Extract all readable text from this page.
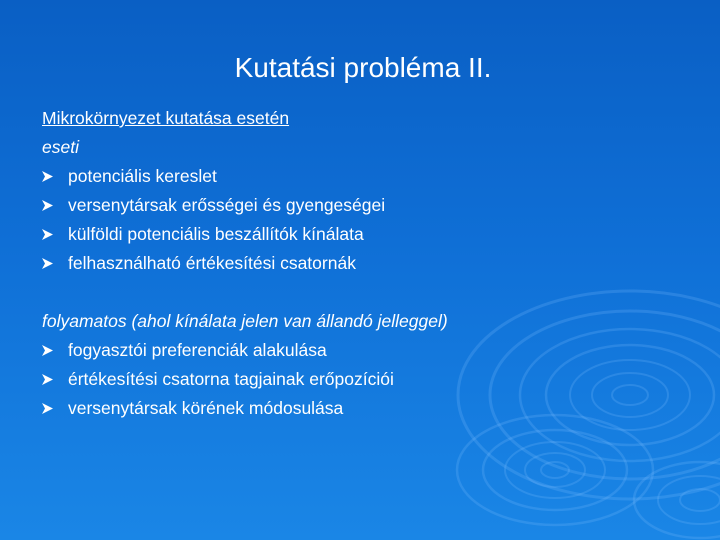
Kutatási probléma II.
Mikrokörnyezet kutatása esetén
eseti
potenciális kereslet
versenytársak erősségei és gyengeségei
külföldi potenciális beszállítók kínálata
felhasználható értékesítési csatornák
folyamatos (ahol kínálata jelen van állandó jelleggel)
fogyasztói preferenciák alakulása
értékesítési csatorna tagjainak erőpozíciói
versenytársak körének módosulása
